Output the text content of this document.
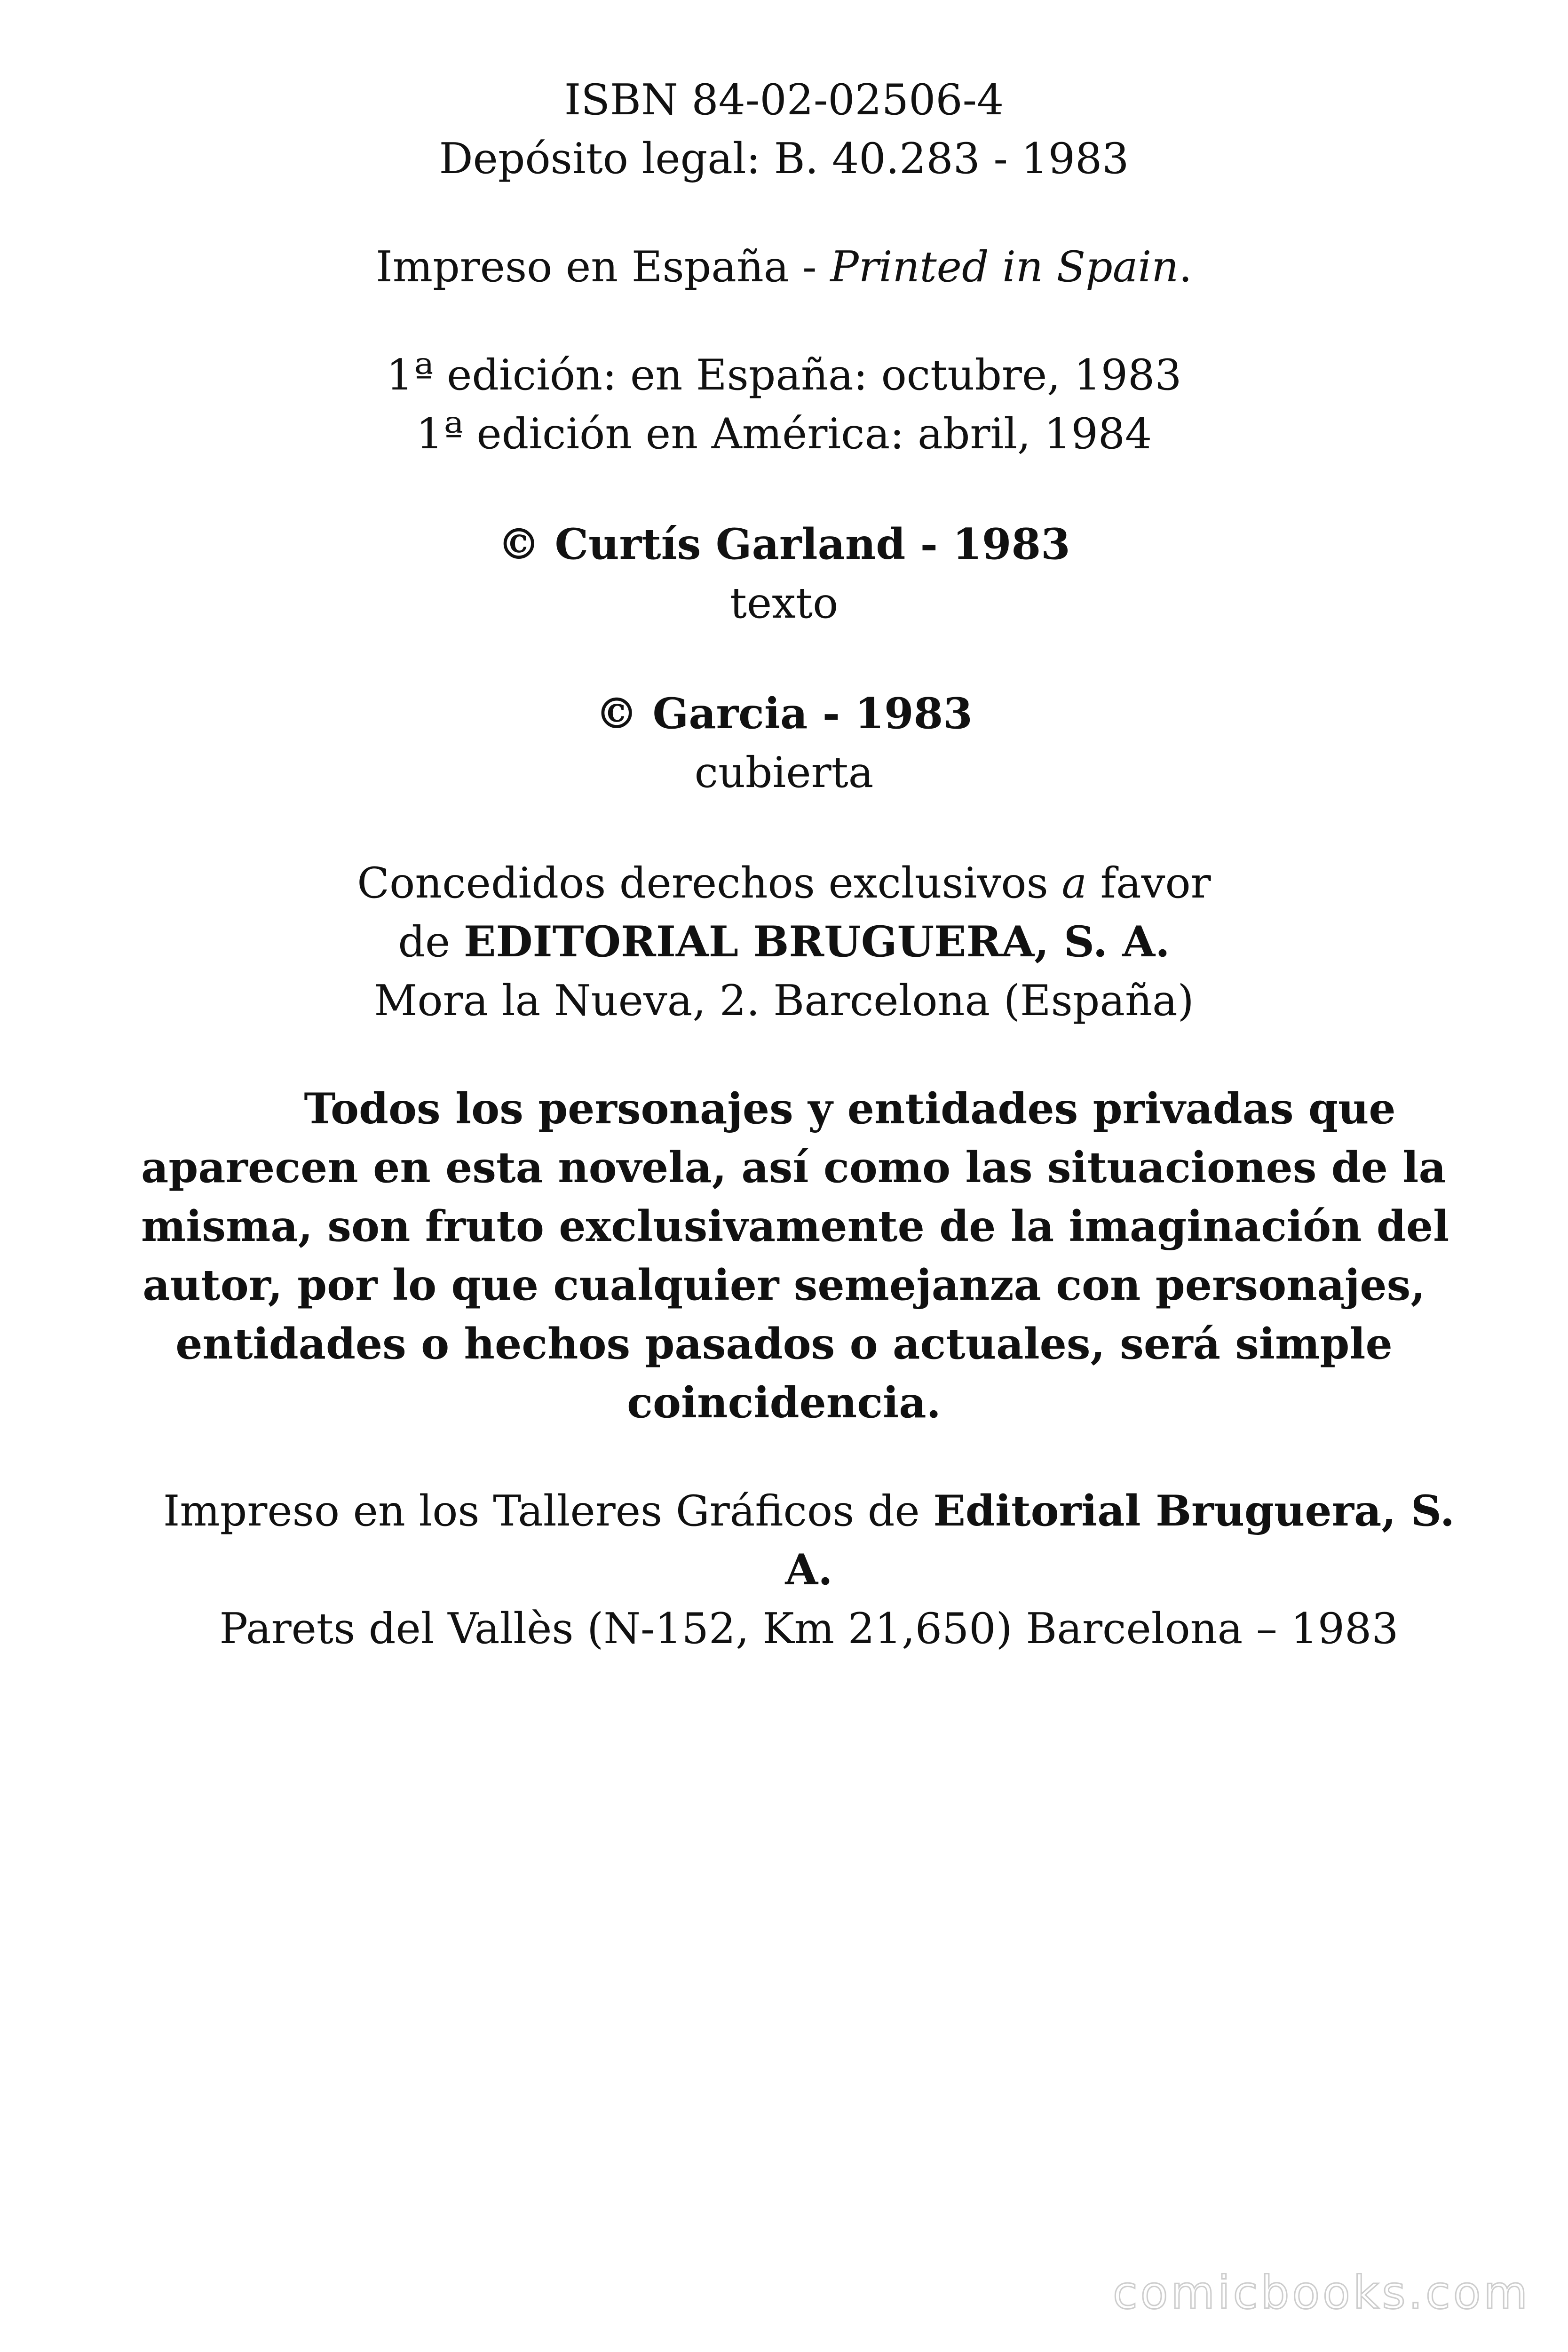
ISBN 84-02-02506-4
Depósito legal: B. 40.283 - 1983
Impreso en España - Printed in Spain.
1ª edición: en España: octubre, 1983
1ª edición en América: abril, 1984
© Curtís Garland - 1983
texto
© Garcia - 1983
cubierta
Concedidos derechos exclusivos a favor
de EDITORIAL BRUGUERA, S. A.
Mora la Nueva, 2. Barcelona (España)
Todos los personajes y entidades privadas que
aparecen en esta novela, así como las situaciones de la
misma, son fruto exclusivamente de la imaginación del
autor, por lo que cualquier semejanza con personajes,
entidades o hechos pasados o actuales, será simple
coincidencia.
Impreso en los Talleres Gráficos de Editorial Bruguera, S.
A.
Parets del Vallès (N-152, Km 21,650) Barcelona – 1983
comicbooks.com
